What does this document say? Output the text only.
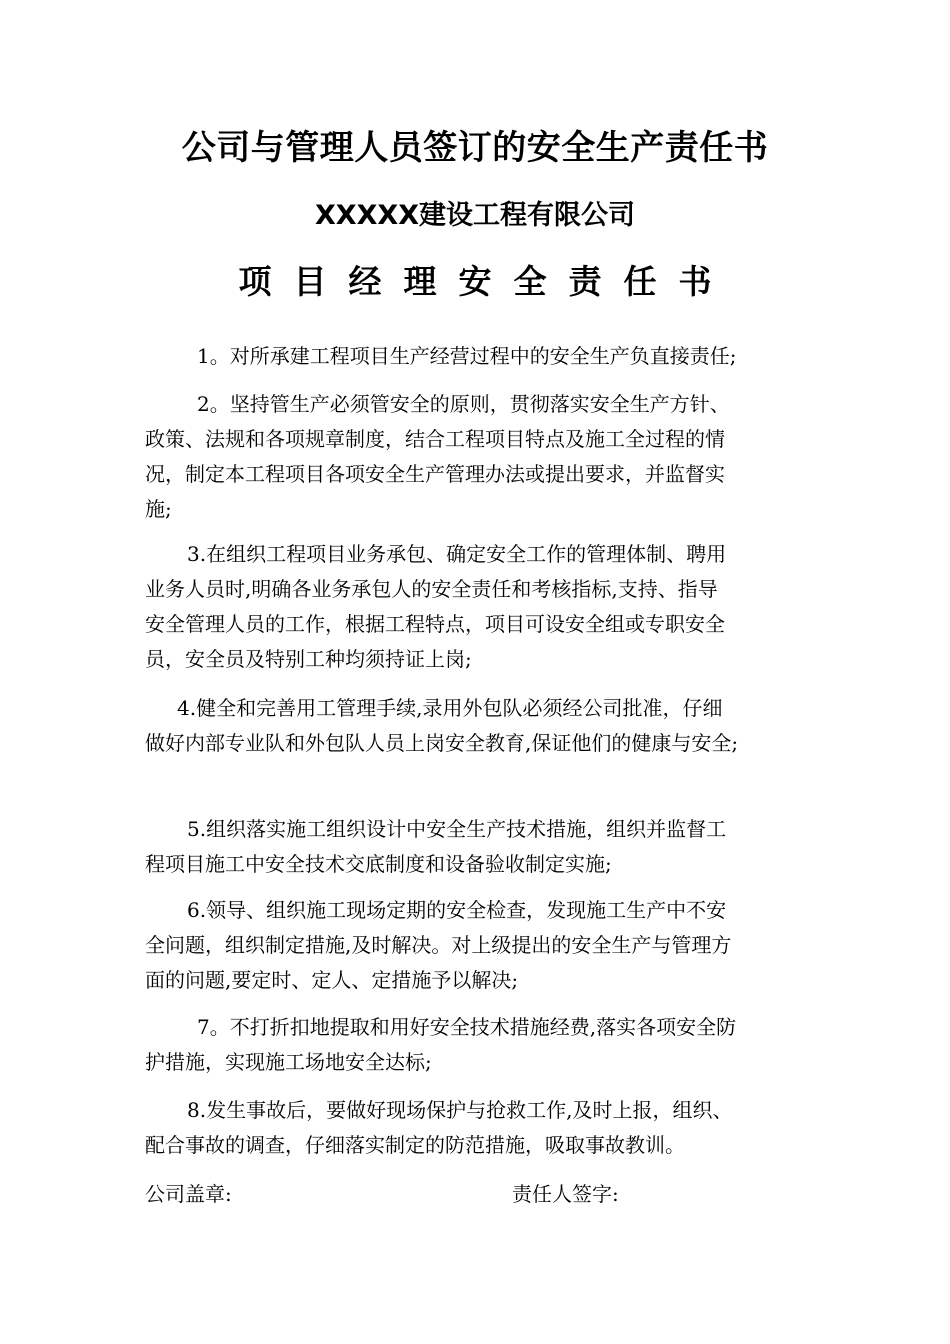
公司与管理人员签订的安全生产责任书
XXXXX建设工程有限公司
项目经理安全责任书
1。对所承建工程项目生产经营过程中的安全生产负直接责任;
2。坚持管生产必须管安全的原则，贯彻落实安全生产方针、
政策、法规和各项规章制度，结合工程项目特点及施工全过程的情
况，制定本工程项目各项安全生产管理办法或提出要求，并监督实
施;
3.在组织工程项目业务承包、确定安全工作的管理体制、聘用
业务人员时,明确各业务承包人的安全责任和考核指标,支持、指导
安全管理人员的工作，根据工程特点，项目可设安全组或专职安全
员，安全员及特别工种均须持证上岗;
4.健全和完善用工管理手续,录用外包队必须经公司批准，仔细
做好内部专业队和外包队人员上岗安全教育,保证他们的健康与安全;
5.组织落实施工组织设计中安全生产技术措施，组织并监督工
程项目施工中安全技术交底制度和设备验收制定实施;
6.领导、组织施工现场定期的安全检查，发现施工生产中不安
全问题，组织制定措施,及时解决。对上级提出的安全生产与管理方
面的问题,要定时、定人、定措施予以解决;
7。不打折扣地提取和用好安全技术措施经费,落实各项安全防
护措施，实现施工场地安全达标;
8.发生事故后，要做好现场保护与抢救工作,及时上报，组织、
配合事故的调查，仔细落实制定的防范措施，吸取事故教训。
公司盖章:	责任人签字:
